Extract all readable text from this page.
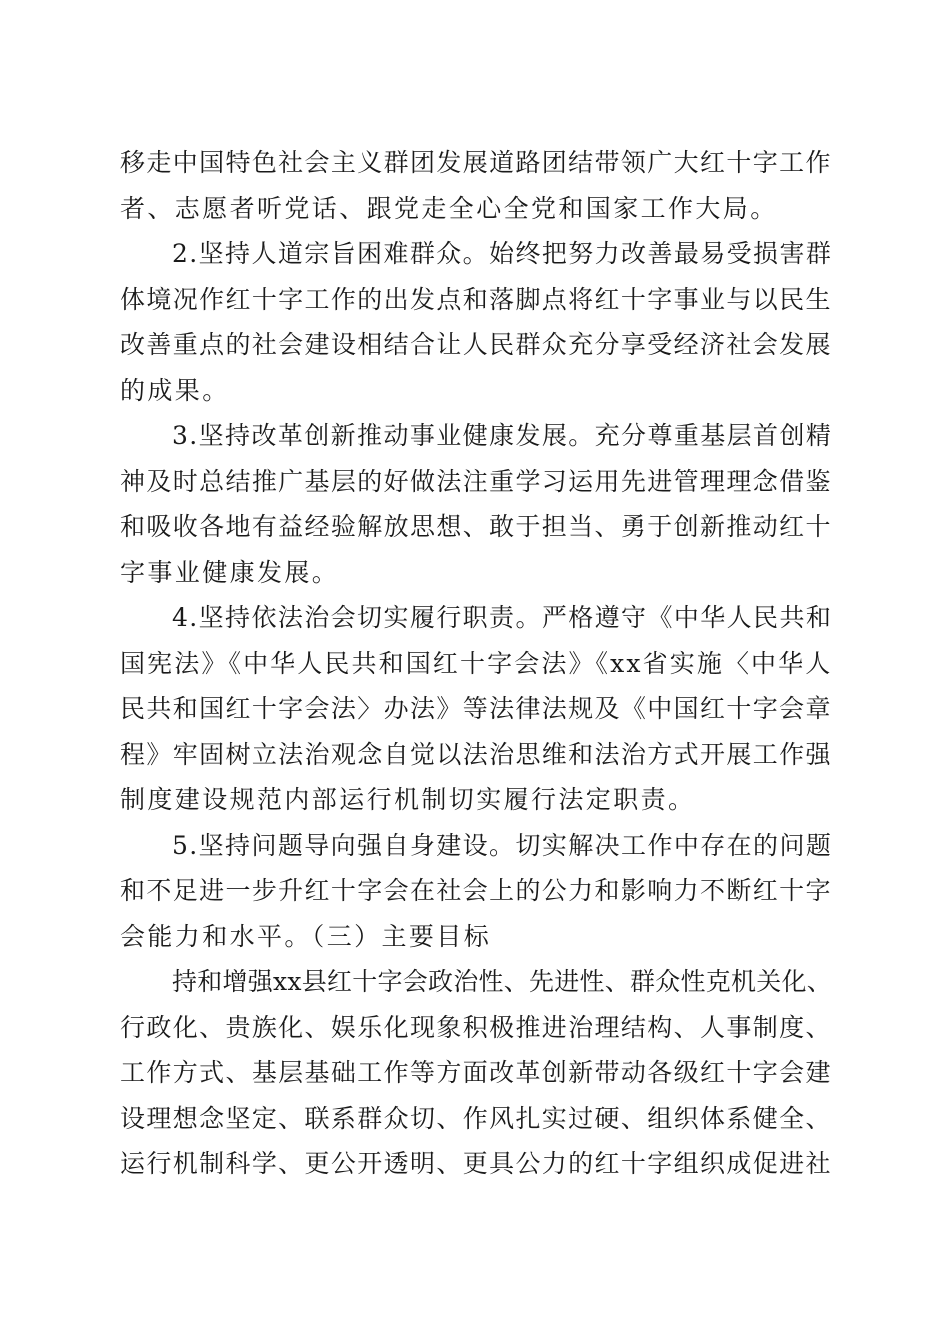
移走中国特色社会主义群团发展道路团结带领广大红十字工作
者、志愿者听党话、跟党走全心全党和国家工作大局。
2.坚持人道宗旨困难群众。始终把努力改善最易受损害群
体境况作红十字工作的出发点和落脚点将红十字事业与以民生
改善重点的社会建设相结合让人民群众充分享受经济社会发展
的成果。
3.坚持改革创新推动事业健康发展。充分尊重基层首创精
神及时总结推广基层的好做法注重学习运用先进管理理念借鉴
和吸收各地有益经验解放思想、敢于担当、勇于创新推动红十
字事业健康发展。
4.坚持依法治会切实履行职责。严格遵守《中华人民共和
国宪法》《中华人民共和国红十字会法》《xx省实施〈中华人
民共和国红十字会法〉办法》等法律法规及《中国红十字会章
程》牢固树立法治观念自觉以法治思维和法治方式开展工作强
制度建设规范内部运行机制切实履行法定职责。
5.坚持问题导向强自身建设。切实解决工作中存在的问题
和不足进一步升红十字会在社会上的公力和影响力不断红十字
会能力和水平。（三）主要目标
持和增强xx县红十字会政治性、先进性、群众性克机关化、
行政化、贵族化、娱乐化现象积极推进治理结构、人事制度、
工作方式、基层基础工作等方面改革创新带动各级红十字会建
设理想念坚定、联系群众切、作风扎实过硬、组织体系健全、
运行机制科学、更公开透明、更具公力的红十字组织成促进社
